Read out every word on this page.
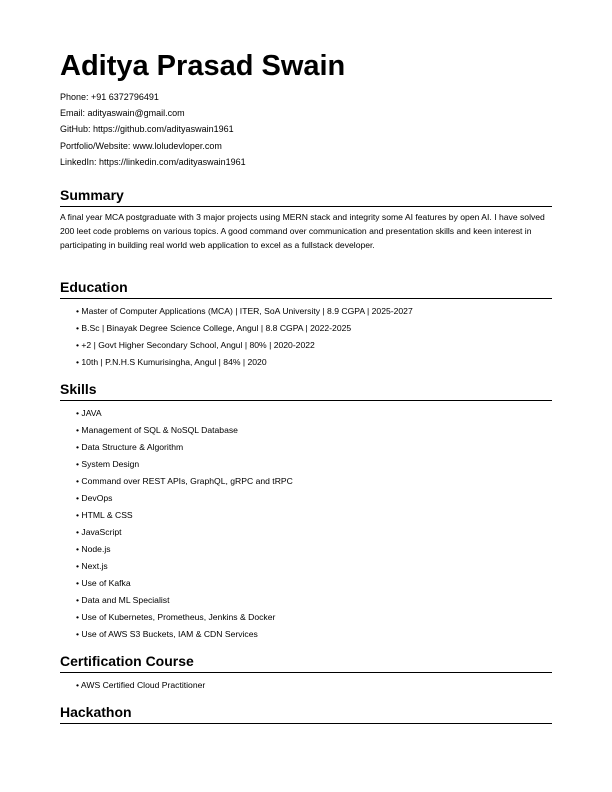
Aditya Prasad Swain
Phone: +91 6372796491
Email: adityaswain@gmail.com
GitHub: https://github.com/adityaswain1961
Portfolio/Website: www.loludevloper.com
LinkedIn: https://linkedin.com/adityaswain1961
Summary

A final year MCA postgraduate with 3 major projects using MERN stack and integrity some AI features by open AI. I have solved 200 leet code problems on various topics. A good command over communication and presentation skills and keen interest in participating in building real world web application to excel as a fullstack developer.

Education
• Master of Computer Applications (MCA) | ITER, SoA University | 8.9 CGPA | 2025-2027
• B.Sc | Binayak Degree Science College, Angul | 8.8 CGPA | 2022-2025
• +2 | Govt Higher Secondary School, Angul | 80% | 2020-2022
• 10th | P.N.H.S Kumurisingha, Angul | 84% | 2020
Skills
• JAVA
• Management of SQL & NoSQL Database
• Data Structure & Algorithm
• System Design
• Command over REST APIs, GraphQL, gRPC and tRPC
• DevOps
• HTML & CSS
• JavaScript
• Node.js
• Next.js
• Use of Kafka
• Data and ML Specialist
• Use of Kubernetes, Prometheus, Jenkins & Docker
• Use of AWS S3 Buckets, IAM & CDN Services
Certification Course
• AWS Certified Cloud Practitioner
Hackathon
